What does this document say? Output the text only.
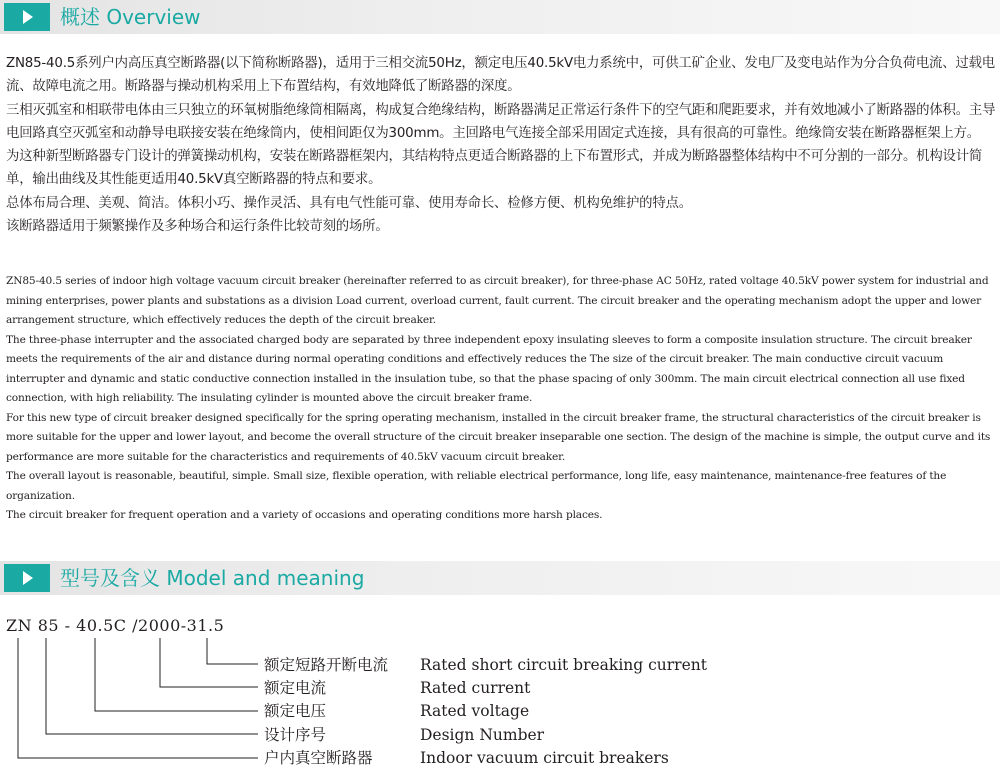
概述 Overview

ZN85-40.5系列户内高压真空断路器(以下简称断路器)，适用于三相交流50Hz，额定电压40.5kV电力系统中，可供工矿企业、发电厂及变电站作为分合负荷电流、过载电流、故障电流之用。断路器与操动机构采用上下布置结构，有效地降低了断路器的深度。

三相灭弧室和相联带电体由三只独立的环氧树脂绝缘筒相隔离，构成复合绝缘结构，断路器满足正常运行条件下的空气距和爬距要求，并有效地减小了断路器的体积。主导电回路真空灭弧室和动静导电联接安装在绝缘筒内，使相间距仅为300mm。主回路电气连接全部采用固定式连接，具有很高的可靠性。绝缘筒安装在断路器框架上方。

为这种新型断路器专门设计的弹簧操动机构，安装在断路器框架内，其结构特点更适合断路器的上下布置形式，并成为断路器整体结构中不可分割的一部分。机构设计简单，输出曲线及其性能更适用40.5kV真空断路器的特点和要求。

总体布局合理、美观、简洁。体积小巧、操作灵活、具有电气性能可靠、使用寿命长、检修方便、机构免维护的特点。

该断路器适用于频繁操作及多种场合和运行条件比较苛刻的场所。

ZN85-40.5 series of indoor high voltage vacuum circuit breaker (hereinafter referred to as circuit breaker), for three-phase AC 50Hz, rated voltage 40.5kV power system for industrial and mining enterprises, power plants and substations as a division Load current, overload current, fault current. The circuit breaker and the operating mechanism adopt the upper and lower arrangement structure, which effectively reduces the depth of the circuit breaker.

The three-phase interrupter and the associated charged body are separated by three independent epoxy insulating sleeves to form a composite insulation structure. The circuit breaker meets the requirements of the air and distance during normal operating conditions and effectively reduces the The size of the circuit breaker. The main conductive circuit vacuum interrupter and dynamic and static conductive connection installed in the insulation tube, so that the phase spacing of only 300mm. The main circuit electrical connection all use fixed connection, with high reliability. The insulating cylinder is mounted above the circuit breaker frame.

For this new type of circuit breaker designed specifically for the spring operating mechanism, installed in the circuit breaker frame, the structural characteristics of the circuit breaker is more suitable for the upper and lower layout, and become the overall structure of the circuit breaker inseparable one section. The design of the machine is simple, the output curve and its performance are more suitable for the characteristics and requirements of 40.5kV vacuum circuit breaker.

The overall layout is reasonable, beautiful, simple. Small size, flexible operation, with reliable electrical performance, long life, easy maintenance, maintenance-free features of the organization.

The circuit breaker for frequent operation and a variety of occasions and operating conditions more harsh places.

型号及含义 Model and meaning
ZN 85 - 40.5C /2000-31.5
额定短路开断电流 Rated short circuit breaking current
额定电流	Rated current
额定电压	Rated voltage
设计序号	Design Number
户内真空断路器	Indoor vacuum circuit breakers
